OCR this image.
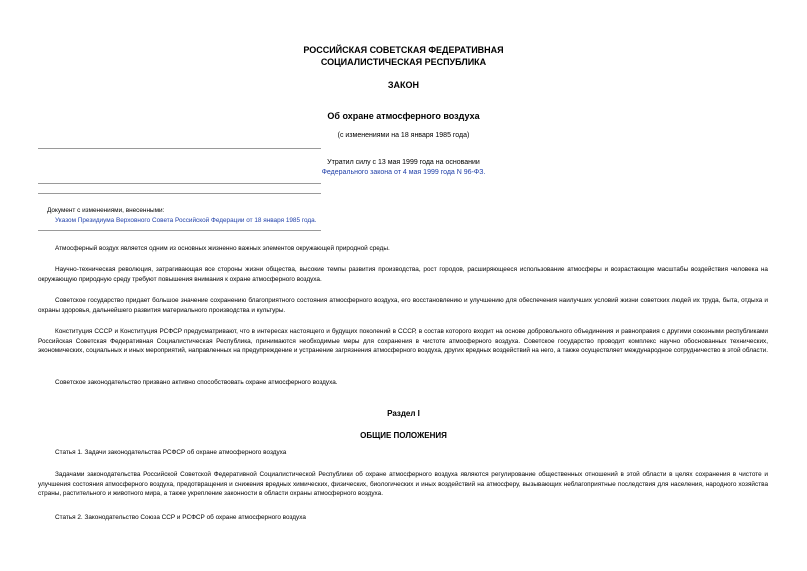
РОССИЙСКАЯ СОВЕТСКАЯ ФЕДЕРАТИВНАЯ
СОЦИАЛИСТИЧЕСКАЯ РЕСПУБЛИКА
ЗАКОН
Об охране атмосферного воздуха
(с изменениями на 18 января 1985 года)
Утратил силу с 13 мая 1999 года на основании
Федерального закона от 4 мая 1999 года N 96-ФЗ.
Документ с изменениями, внесенными:
Указом Президиума Верховного Совета Российской Федерации от 18 января 1985 года.
Атмосферный воздух является одним из основных жизненно важных элементов окружающей природной среды.
Научно-техническая революция, затрагивающая все стороны жизни общества, высокие темпы развития производства, рост городов, расширяющееся использование атмосферы и возрастающие масштабы воздействия человека на окружающую природную среду требуют повышения внимания к охране атмосферного воздуха.
Советское государство придает большое значение сохранению благоприятного состояния атмосферного воздуха, его восстановлению и улучшению для обеспечения наилучших условий жизни советских людей их труда, быта, отдыха и охраны здоровья, дальнейшего развития материального производства и культуры.
Конституция СССР и Конституция РСФСР предусматривают, что в интересах настоящего и будущих поколений в СССР, в состав которого входит на основе добровольного объединения и равноправия с другими союзными республиками Российская Советская Федеративная Социалистическая Республика, принимаются необходимые меры для сохранения в чистоте атмосферного воздуха. Советское государство проводит комплекс научно обоснованных технических, экономических, социальных и иных мероприятий, направленных на предупреждение и устранение загрязнения атмосферного воздуха, других вредных воздействий на него, а также осуществляет международное сотрудничество в этой области.
Советское законодательство призвано активно способствовать охране атмосферного воздуха.
Раздел I
ОБЩИЕ ПОЛОЖЕНИЯ
Статья 1. Задачи законодательства РСФСР об охране атмосферного воздуха
Задачами законодательства Российской Советской Федеративной Социалистической Республики об охране атмосферного воздуха являются регулирование общественных отношений в этой области в целях сохранения в чистоте и улучшения состояния атмосферного воздуха, предотвращения и снижения вредных химических, физических, биологических и иных воздействий на атмосферу, вызывающих неблагоприятные последствия для населения, народного хозяйства страны, растительного и животного мира, а также укрепление законности в области охраны атмосферного воздуха.
Статья 2. Законодательство Союза ССР и РСФСР об охране атмосферного воздуха
